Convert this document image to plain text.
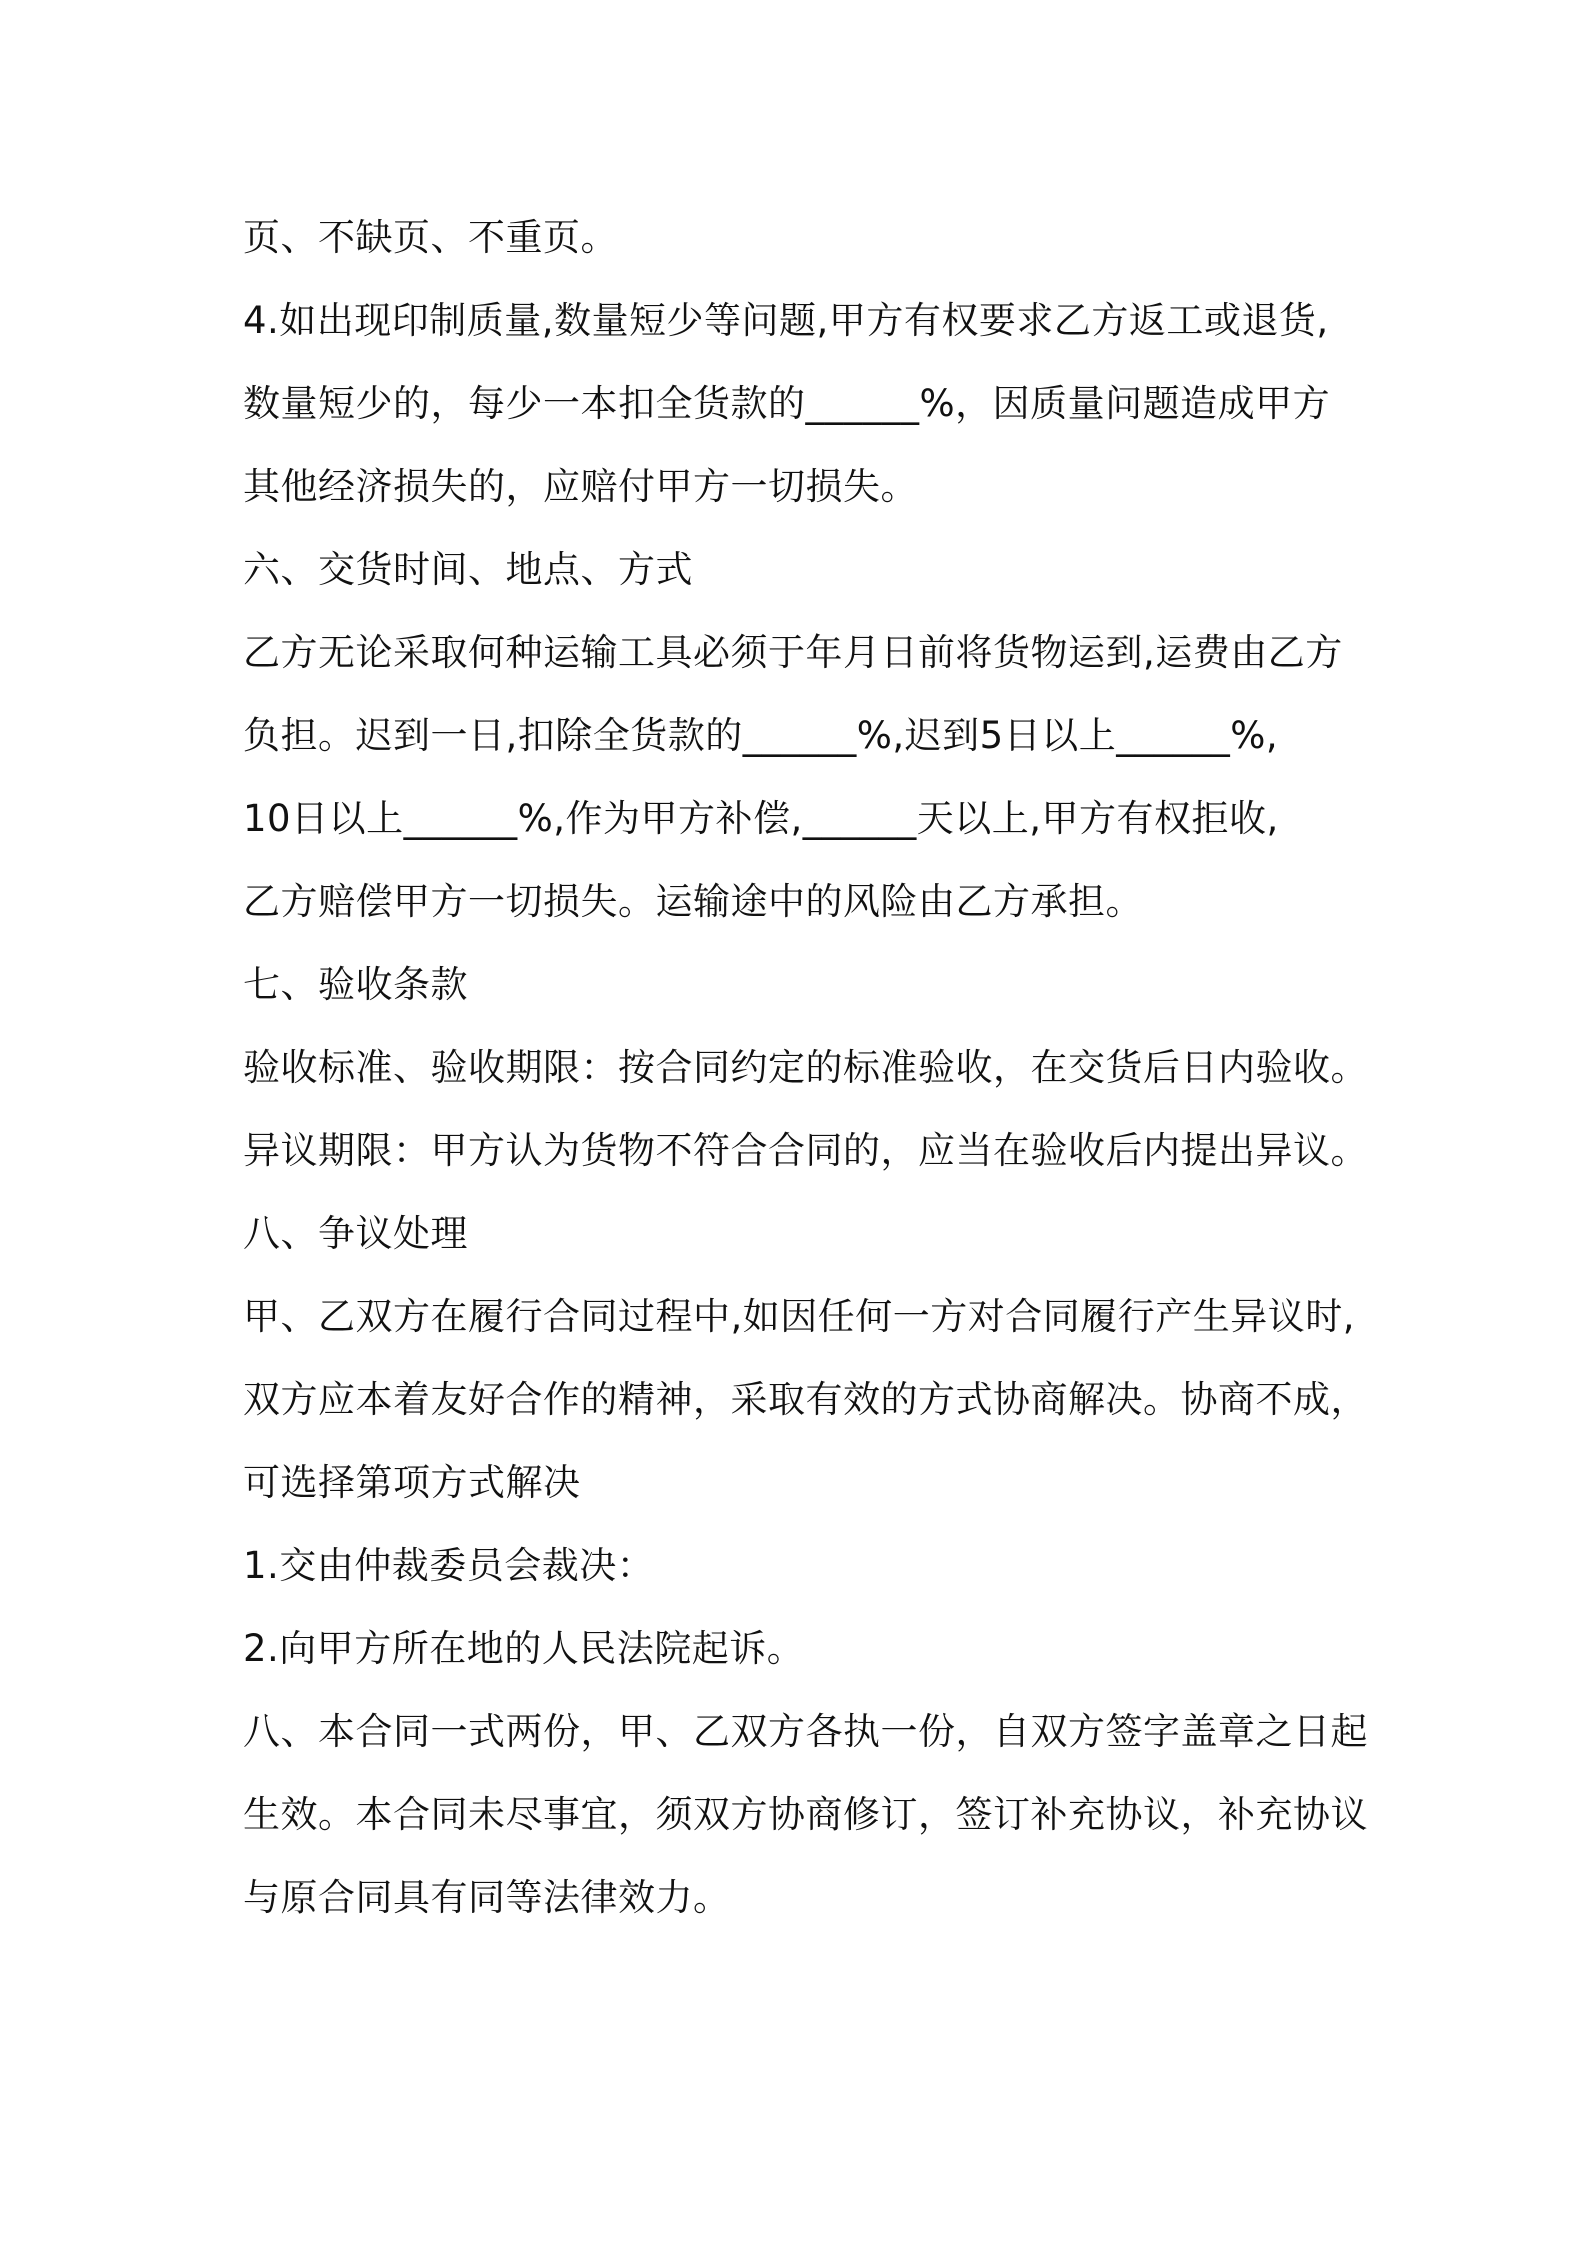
页、不缺页、不重页。
4.如出现印制质量,数量短少等问题,甲方有权要求乙方返工或退货,
数量短少的，每少一本扣全货款的______%，因质量问题造成甲方
其他经济损失的，应赔付甲方一切损失。
六、交货时间、地点、方式
乙方无论采取何种运输工具必须于年月日前将货物运到,运费由乙方
负担。迟到一日,扣除全货款的______%,迟到5日以上______%,
10日以上______%,作为甲方补偿,______天以上,甲方有权拒收,
乙方赔偿甲方一切损失。运输途中的风险由乙方承担。
七、验收条款
验收标准、验收期限：按合同约定的标准验收，在交货后日内验收。
异议期限：甲方认为货物不符合合同的，应当在验收后内提出异议。
八、争议处理
甲、乙双方在履行合同过程中,如因任何一方对合同履行产生异议时,
双方应本着友好合作的精神，采取有效的方式协商解决。协商不成，
可选择第项方式解决
1.交由仲裁委员会裁决：
2.向甲方所在地的人民法院起诉。
八、本合同一式两份，甲、乙双方各执一份，自双方签字盖章之日起
生效。本合同未尽事宜，须双方协商修订，签订补充协议，补充协议
与原合同具有同等法律效力。
